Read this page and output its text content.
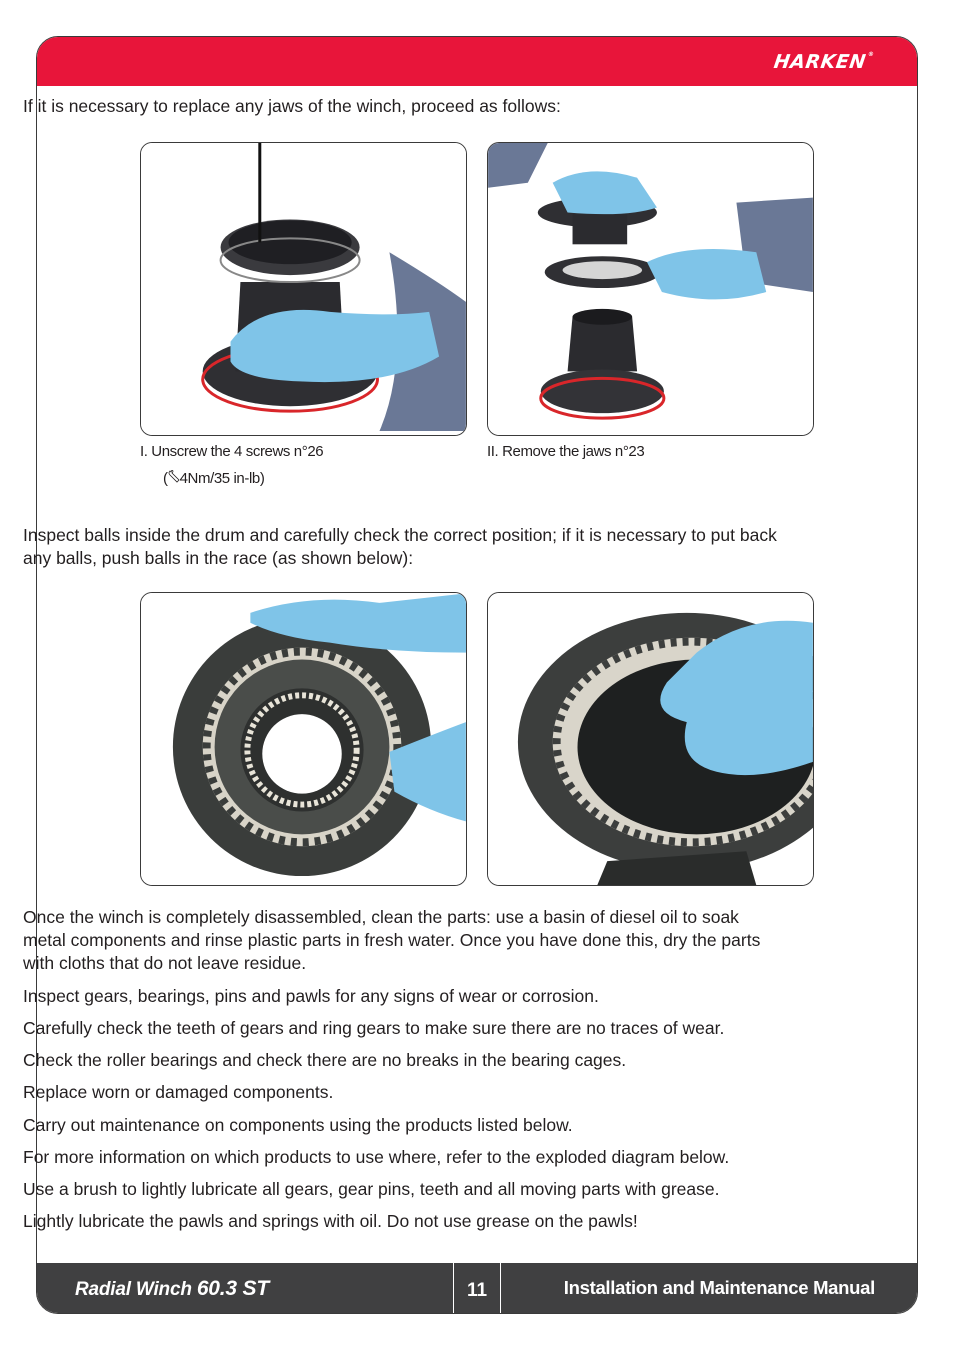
HARKEN®
Radial Winch 60.3 ST	11	Installation and Maintenance Manual
If it is necessary to replace any jaws of the winch, proceed as follows:
I. Unscrew the 4 screws n°26
( 4Nm/35 in-lb)
II. Remove the jaws n°23
Inspect balls inside the drum and carefully check the correct position; if it is necessary to put back
any balls, push balls in the race (as shown below):
Once the winch is completely disassembled, clean the parts: use a basin of diesel oil to soak
metal components and rinse plastic parts in fresh water. Once you have done this, dry the parts
with cloths that do not leave residue.
Inspect gears, bearings, pins and pawls for any signs of wear or corrosion.
Carefully check the teeth of gears and ring gears to make sure there are no traces of wear.
Check the roller bearings and check there are no breaks in the bearing cages.
Replace worn or damaged components.
Carry out maintenance on components using the products listed below.
For more information on which products to use where, refer to the exploded diagram below.
Use a brush to lightly lubricate all gears, gear pins, teeth and all moving parts with grease.
Lightly lubricate the pawls and springs with oil. Do not use grease on the pawls!
